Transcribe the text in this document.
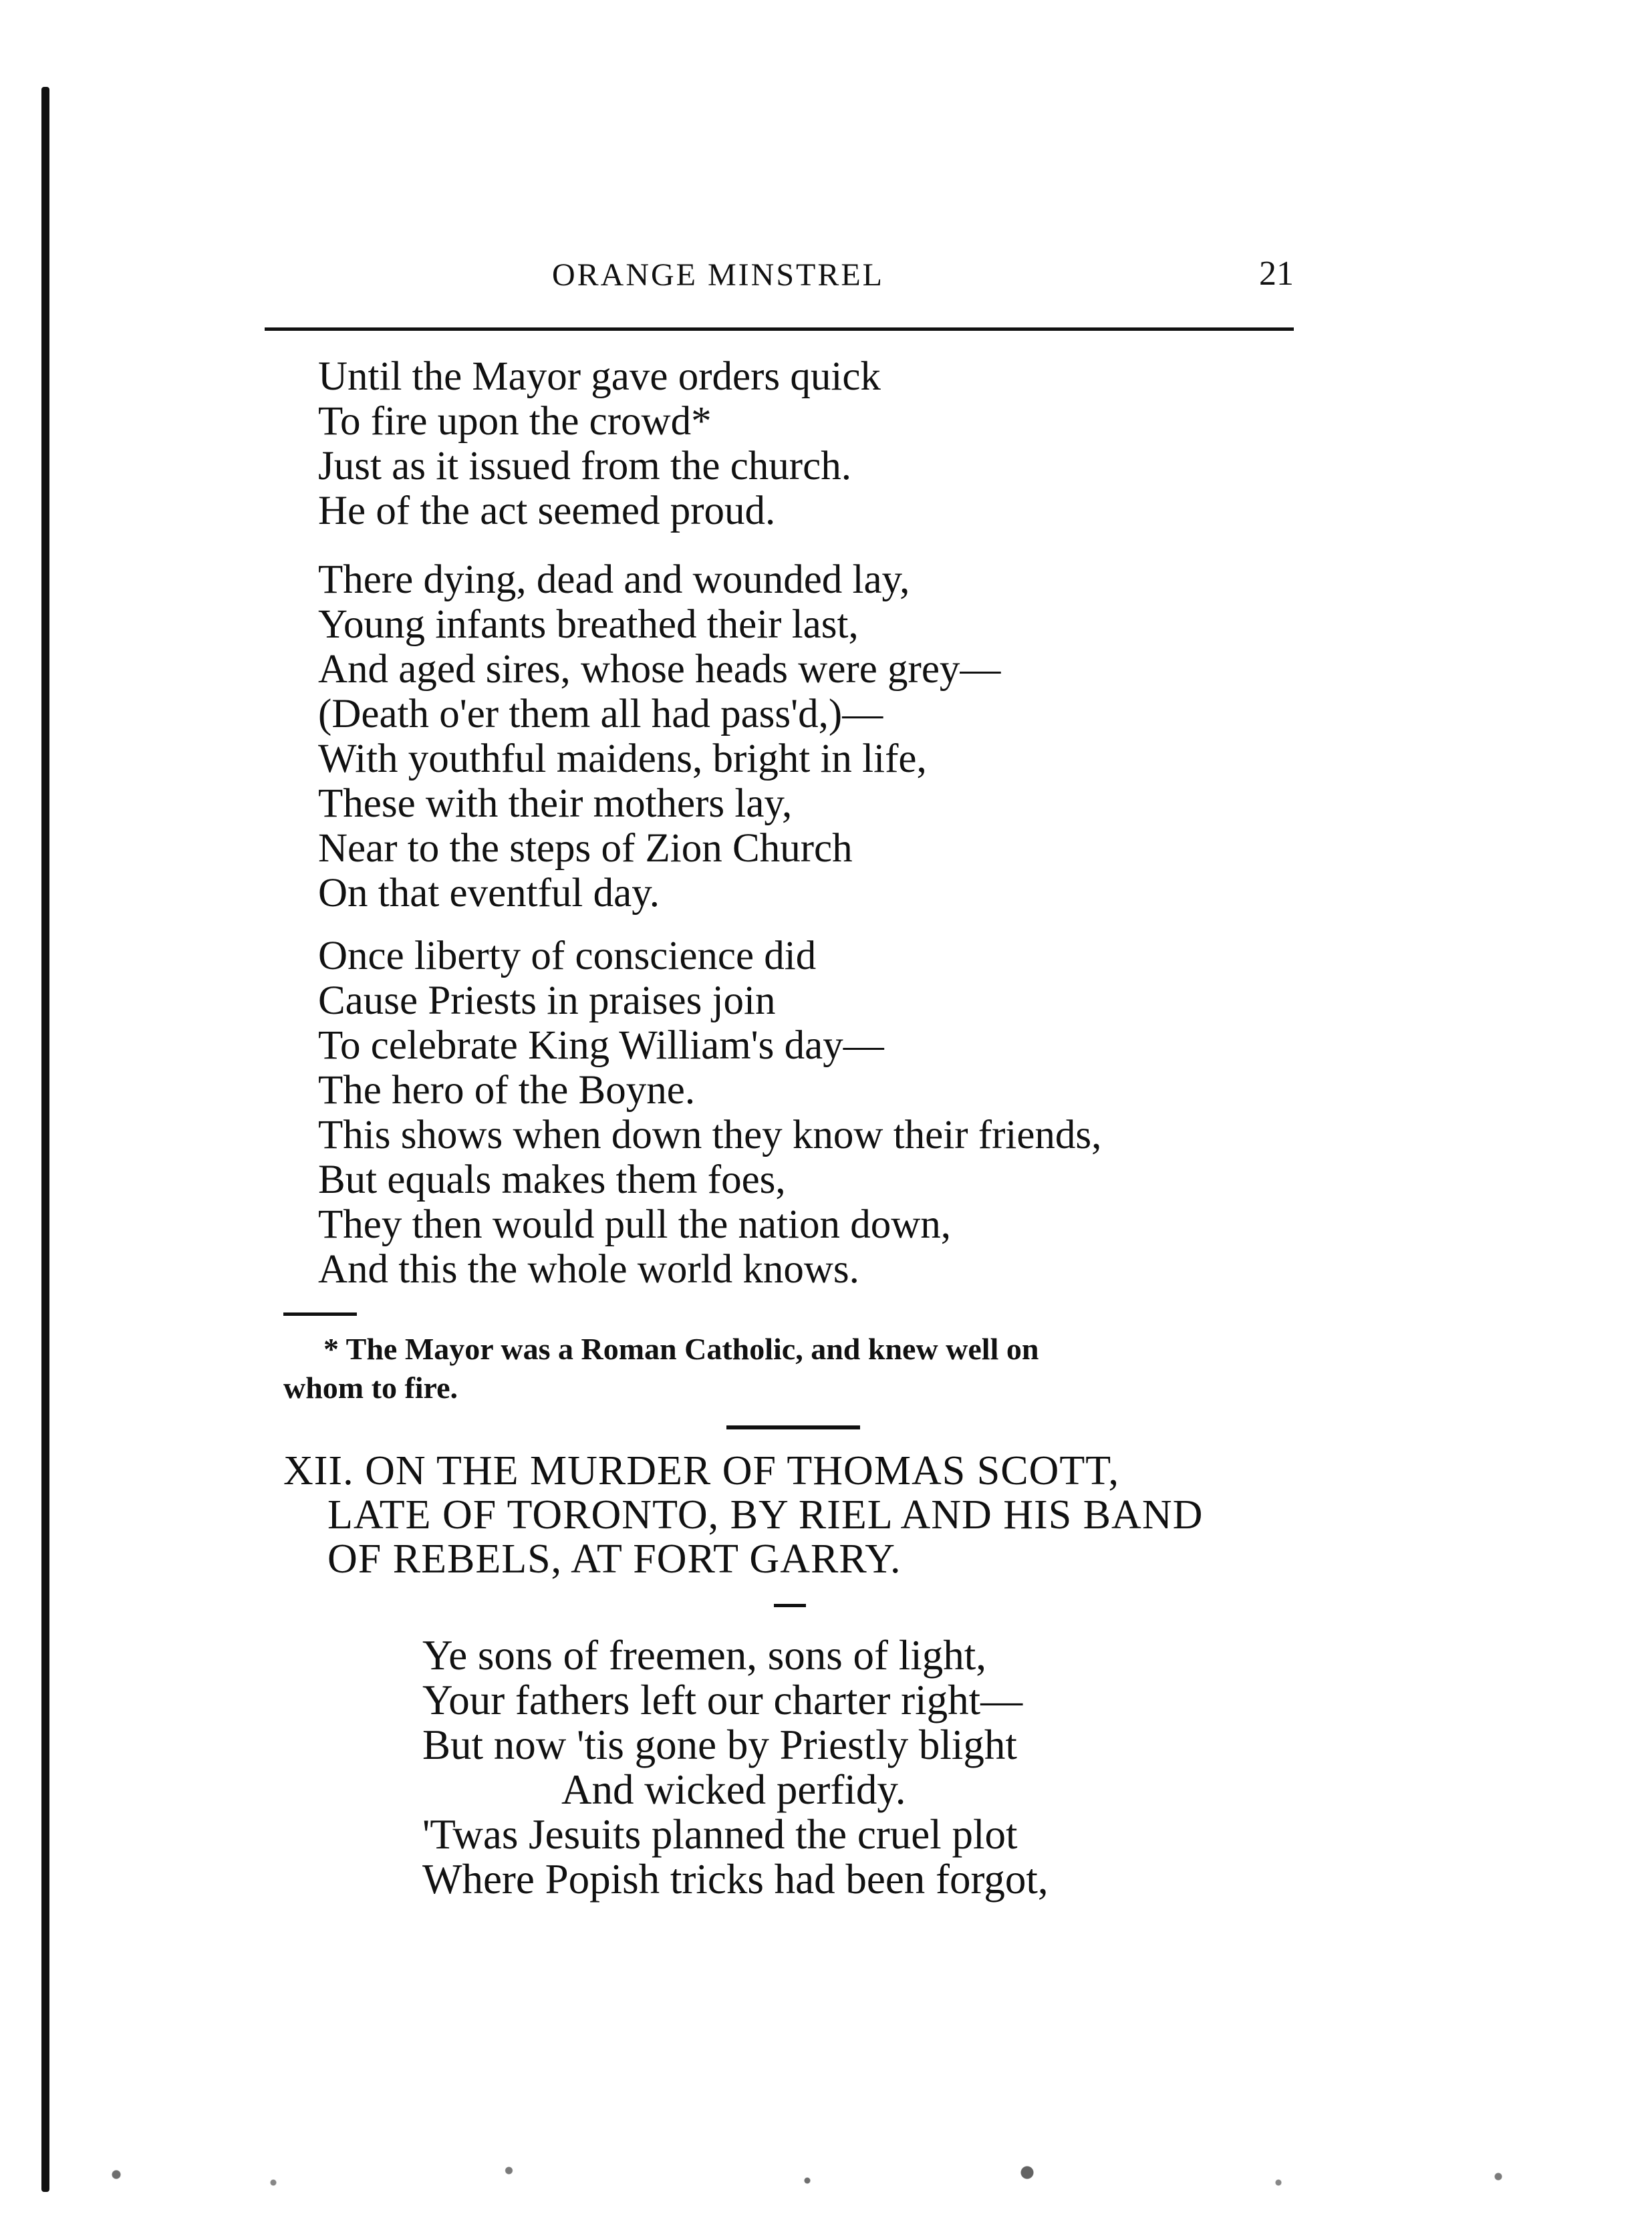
ORANGE MINSTREL	21
Until the Mayor gave orders quick
To fire upon the crowd*
Just as it issued from the church.
He of the act seemed proud.
There dying, dead and wounded lay,
Young infants breathed their last,
And aged sires, whose heads were grey—
(Death o'er them all had pass'd,)—
With youthful maidens, bright in life,
These with their mothers lay,
Near to the steps of Zion Church
On that eventful day.
Once liberty of conscience did
Cause Priests in praises join
To celebrate King William's day—
The hero of the Boyne.
This shows when down they know their friends,
But equals makes them foes,
They then would pull the nation down,
And this the whole world knows.
* The Mayor was a Roman Catholic, and knew well on
whom to fire.
XII. ON THE MURDER OF THOMAS SCOTT,
LATE OF TORONTO, BY RIEL AND HIS BAND
OF REBELS, AT FORT GARRY.
Ye sons of freemen, sons of light,
Your fathers left our charter right—
But now 'tis gone by Priestly blight
And wicked perfidy.
'Twas Jesuits planned the cruel plot
Where Popish tricks had been forgot,
